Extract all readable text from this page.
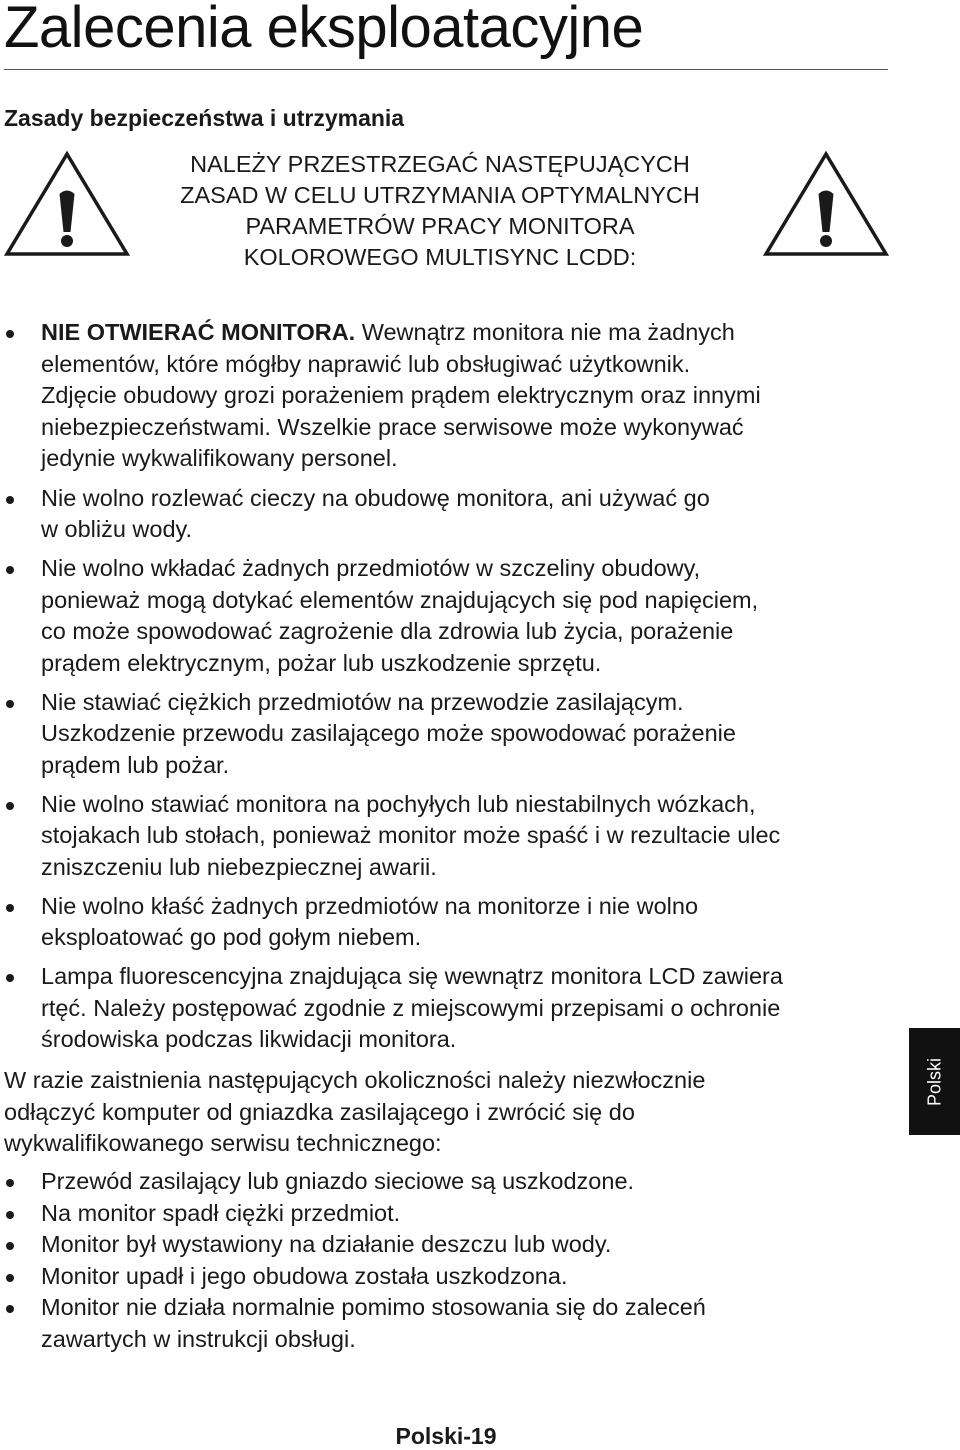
Zalecenia eksploatacyjne
Zasady bezpieczeństwa i utrzymania
NALEŻY PRZESTRZEGAĆ NASTĘPUJĄCYCH
ZASAD W CELU UTRZYMANIA OPTYMALNYCH
PARAMETRÓW PRACY MONITORA
KOLOROWEGO MULTISYNC LCDD:
NIE OTWIERAĆ MONITORA. Wewnątrz monitora nie ma żadnych
elementów, które mógłby naprawić lub obsługiwać użytkownik.
Zdjęcie obudowy grozi porażeniem prądem elektrycznym oraz innymi
niebezpieczeństwami. Wszelkie prace serwisowe może wykonywać
jedynie wykwalifikowany personel.
Nie wolno rozlewać cieczy na obudowę monitora, ani używać go
w obliżu wody.
Nie wolno wkładać żadnych przedmiotów w szczeliny obudowy,
ponieważ mogą dotykać elementów znajdujących się pod napięciem,
co może spowodować zagrożenie dla zdrowia lub życia, porażenie
prądem elektrycznym, pożar lub uszkodzenie sprzętu.
Nie stawiać ciężkich przedmiotów na przewodzie zasilającym.
Uszkodzenie przewodu zasilającego może spowodować porażenie
prądem lub pożar.
Nie wolno stawiać monitora na pochyłych lub niestabilnych wózkach,
stojakach lub stołach, ponieważ monitor może spaść i w rezultacie ulec
zniszczeniu lub niebezpiecznej awarii.
Nie wolno kłaść żadnych przedmiotów na monitorze i nie wolno
eksploatować go pod gołym niebem.
Lampa fluorescencyjna znajdująca się wewnątrz monitora LCD zawiera
rtęć. Należy postępować zgodnie z miejscowymi przepisami o ochronie
środowiska podczas likwidacji monitora.
W razie zaistnienia następujących okoliczności należy niezwłocznie
odłączyć komputer od gniazdka zasilającego i zwrócić się do
wykwalifikowanego serwisu technicznego:
Przewód zasilający lub gniazdo sieciowe są uszkodzone.
Na monitor spadł ciężki przedmiot.
Monitor był wystawiony na działanie deszczu lub wody.
Monitor upadł i jego obudowa została uszkodzona.
Monitor nie działa normalnie pomimo stosowania się do zaleceń
zawartych w instrukcji obsługi.
Polski
Polski-19
